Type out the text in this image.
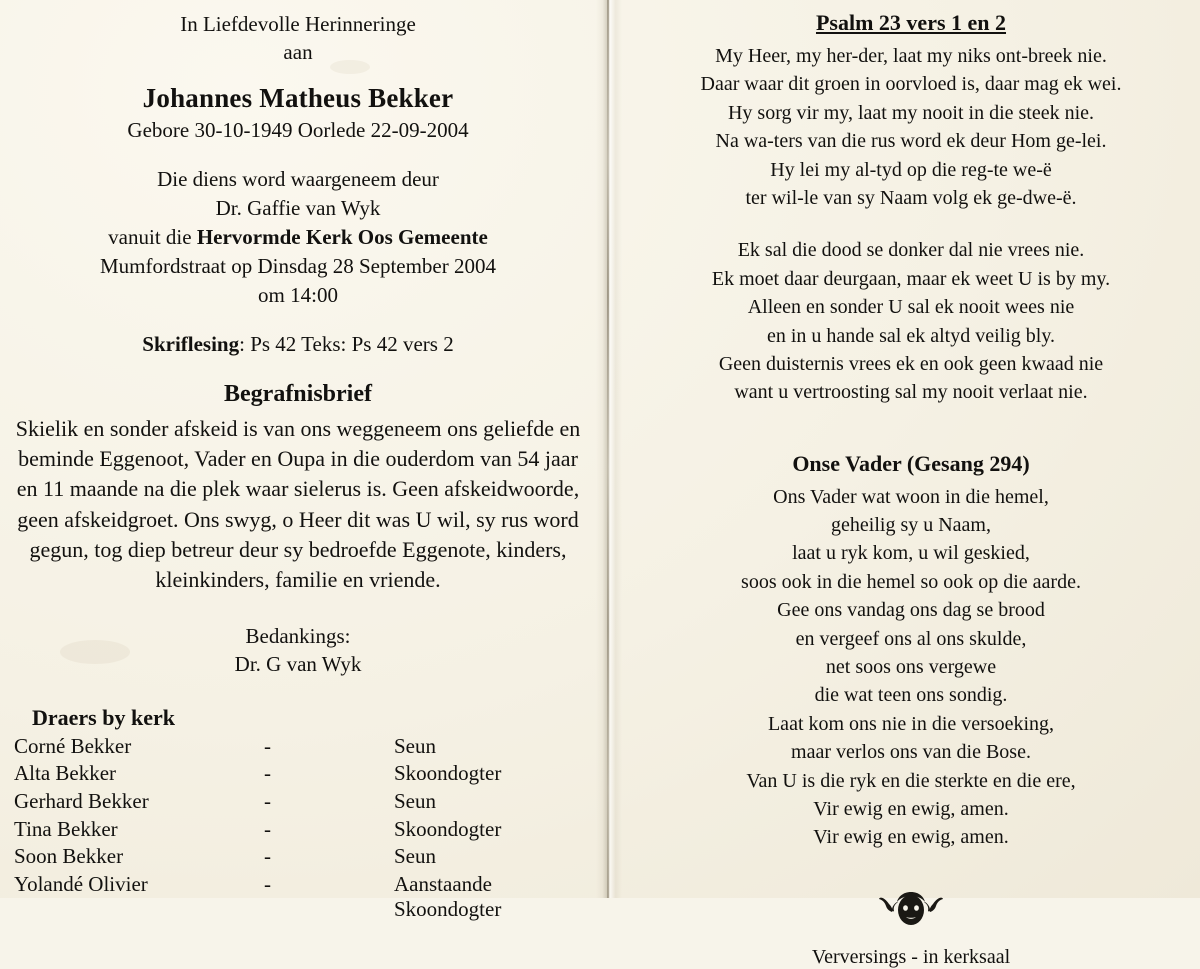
In Liefdevolle Herinneringe
aan
Johannes Matheus Bekker
Gebore 30-10-1949 Oorlede 22-09-2004
Die diens word waargeneem deur
Dr. Gaffie van Wyk
vanuit die Hervormde Kerk Oos Gemeente
Mumfordstraat op Dinsdag 28 September 2004
om 14:00
Skriflesing: Ps 42 Teks: Ps 42 vers 2
Begrafnisbrief
Skielik en sonder afskeid is van ons weggeneem ons geliefde en beminde Eggenoot, Vader en Oupa in die ouderdom van 54 jaar en 11 maande na die plek waar sielerus is. Geen afskeidwoorde, geen afskeidgroet. Ons swyg, o Heer dit was U wil, sy rus word gegun, tog diep betreur deur sy bedroefde Eggenote, kinders, kleinkinders, familie en vriende.
Bedankings:
Dr. G van Wyk
Draers by kerk
Corné Bekker	-	Seun
Alta Bekker	-	Skoondogter
Gerhard Bekker	-	Seun
Tina Bekker	-	Skoondogter
Soon Bekker	-	Seun
Yolandé Olivier	-	Aanstaande Skoondogter
Psalm 23 vers 1 en 2
My Heer, my her-der, laat my niks ont-breek nie.
Daar waar dit groen in oorvloed is, daar mag ek wei.
Hy sorg vir my, laat my nooit in die steek nie.
Na wa-ters van die rus word ek deur Hom ge-lei.
Hy lei my al-tyd op die reg-te we-ë
ter wil-le van sy Naam volg ek ge-dwe-ë.
Ek sal die dood se donker dal nie vrees nie.
Ek moet daar deurgaan, maar ek weet U is by my.
Alleen en sonder U sal ek nooit wees nie
en in u hande sal ek altyd veilig bly.
Geen duisternis vrees ek en ook geen kwaad nie
want u vertroosting sal my nooit verlaat nie.
Onse Vader (Gesang 294)
Ons Vader wat woon in die hemel,
geheilig sy u Naam,
laat u ryk kom, u wil geskied,
soos ook in die hemel so ook op die aarde.
Gee ons vandag ons dag se brood
en vergeef ons al ons skulde,
net soos ons vergewe
die wat teen ons sondig.
Laat kom ons nie in die versoeking,
maar verlos ons van die Bose.
Van U is die ryk en die sterkte en die ere,
Vir ewig en ewig, amen.
Vir ewig en ewig, amen.
Verversings - in kerksaal
